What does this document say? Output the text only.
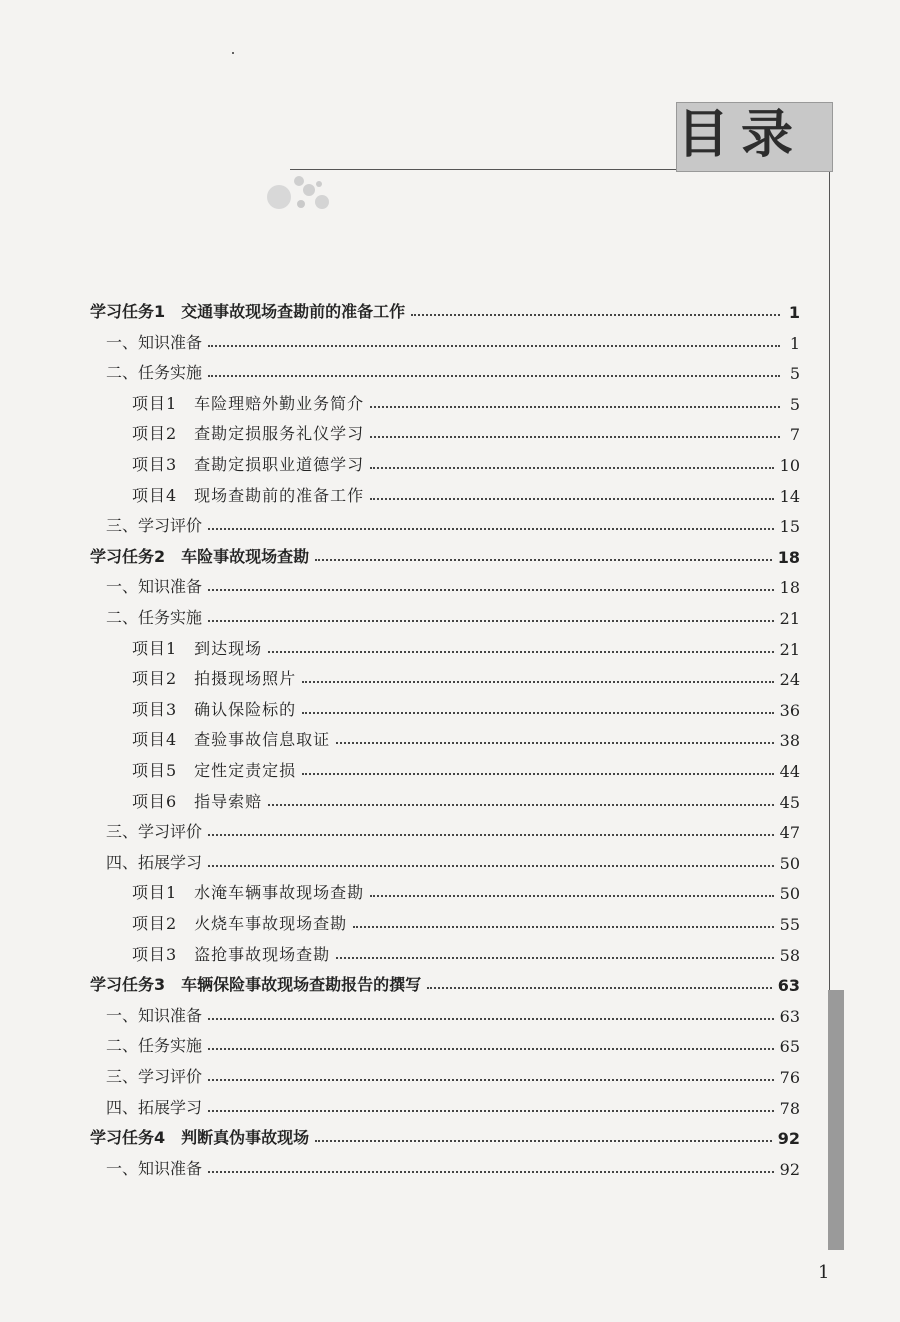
目录
学习任务1　交通事故现场查勘前的准备工作	1
一、知识准备	1
二、任务实施	5
项目1　车险理赔外勤业务简介	5
项目2　查勘定损服务礼仪学习	7
项目3　查勘定损职业道德学习	10
项目4　现场查勘前的准备工作	14
三、学习评价	15
学习任务2　车险事故现场查勘	18
一、知识准备	18
二、任务实施	21
项目1　到达现场	21
项目2　拍摄现场照片	24
项目3　确认保险标的	36
项目4　查验事故信息取证	38
项目5　定性定责定损	44
项目6　指导索赔	45
三、学习评价	47
四、拓展学习	50
项目1　水淹车辆事故现场查勘	50
项目2　火烧车事故现场查勘	55
项目3　盗抢事故现场查勘	58
学习任务3　车辆保险事故现场查勘报告的撰写	63
一、知识准备	63
二、任务实施	65
三、学习评价	76
四、拓展学习	78
学习任务4　判断真伪事故现场	92
一、知识准备	92
1
